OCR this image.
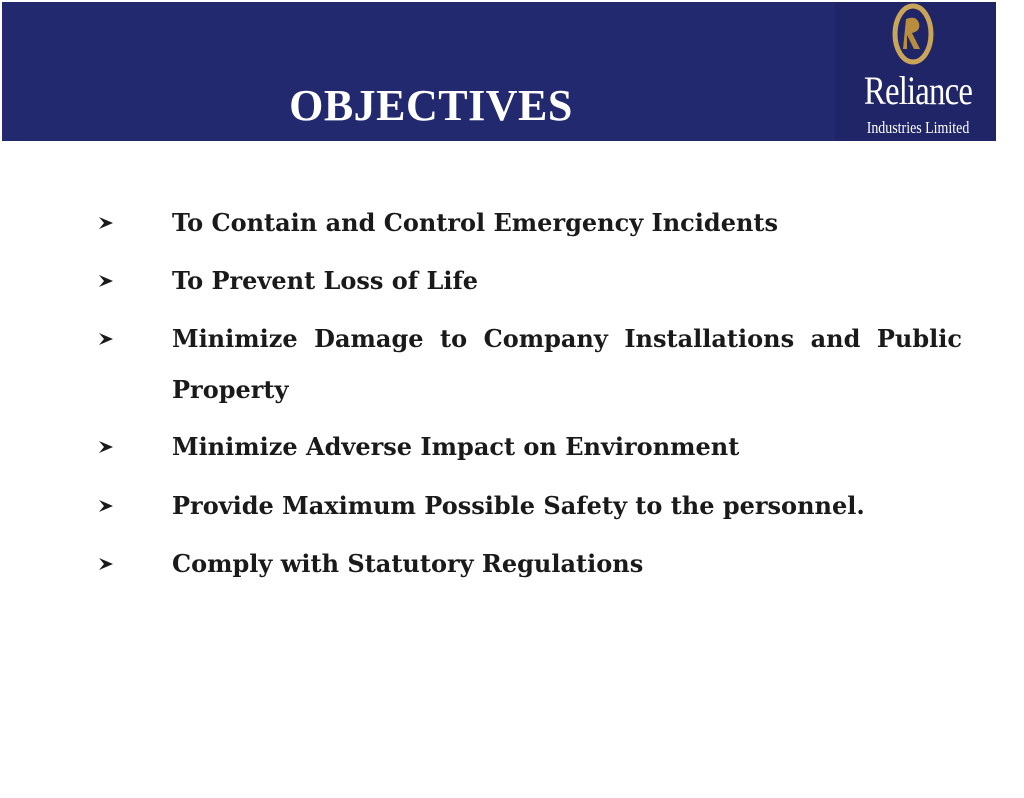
OBJECTIVES	Reliance
Industries Limited
To Contain and Control Emergency Incidents
To Prevent Loss of Life
Minimize Damage to Company Installations and Public Property
Minimize Adverse Impact on Environment
Provide Maximum Possible Safety to the personnel.
Comply with Statutory Regulations
